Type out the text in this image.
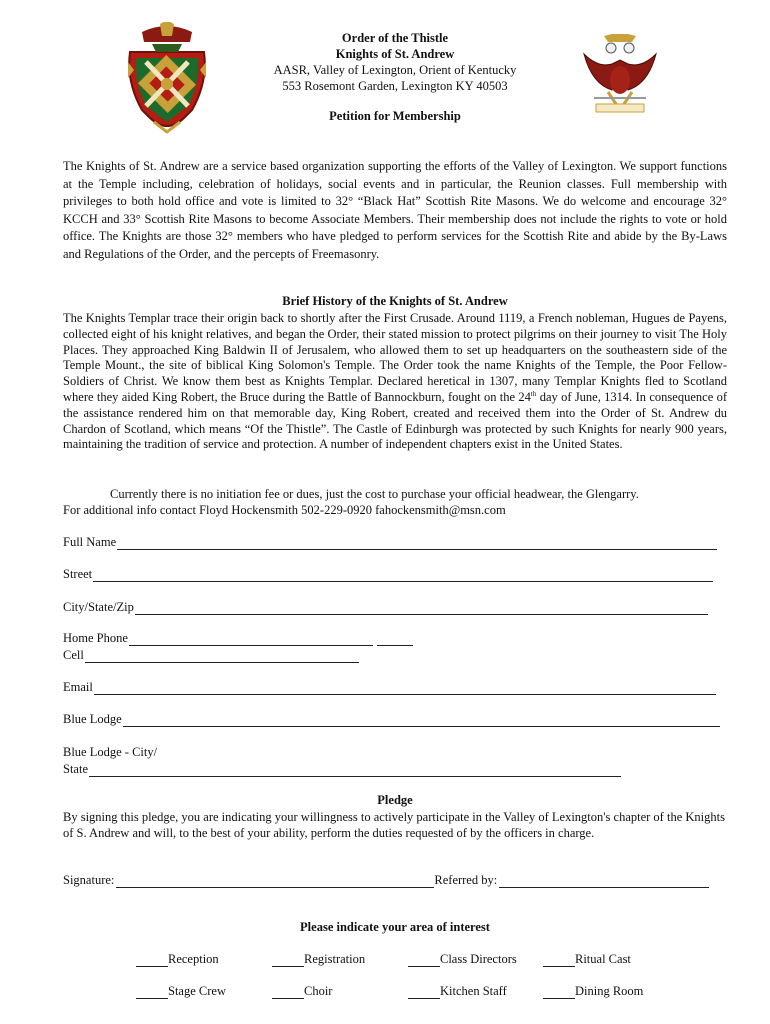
Order of the Thistle
Knights of St. Andrew
AASR, Valley of Lexington, Orient of Kentucky
553 Rosemont Garden, Lexington KY 40503
Petition for Membership
The Knights of St. Andrew are a service based organization supporting the efforts of the Valley of Lexington. We support functions at the Temple including, celebration of holidays, social events and in particular, the Reunion classes. Full membership with privileges to both hold office and vote is limited to 32° “Black Hat” Scottish Rite Masons. We do welcome and encourage 32° KCCH and 33° Scottish Rite Masons to become Associate Members. Their membership does not include the rights to vote or hold office. The Knights are those 32° members who have pledged to perform services for the Scottish Rite and abide by the By-Laws and Regulations of the Order, and the percepts of Freemasonry.
Brief History of the Knights of St. Andrew
The Knights Templar trace their origin back to shortly after the First Crusade. Around 1119, a French nobleman, Hugues de Payens, collected eight of his knight relatives, and began the Order, their stated mission to protect pilgrims on their journey to visit The Holy Places. They approached King Baldwin II of Jerusalem, who allowed them to set up headquarters on the southeastern side of the Temple Mount., the site of biblical King Solomon's Temple. The Order took the name Knights of the Temple, the Poor Fellow-Soldiers of Christ. We know them best as Knights Templar. Declared heretical in 1307, many Templar Knights fled to Scotland where they aided King Robert, the Bruce during the Battle of Bannockburn, fought on the 24th day of June, 1314. In consequence of the assistance rendered him on that memorable day, King Robert, created and received them into the Order of St. Andrew du Chardon of Scotland, which means “Of the Thistle”. The Castle of Edinburgh was protected by such Knights for nearly 900 years, maintaining the tradition of service and protection. A number of independent chapters exist in the United States.
Currently there is no initiation fee or dues, just the cost to purchase your official headwear, the Glengarry.
For additional info contact Floyd Hockensmith 502-229-0920 fahockensmith@msn.com
Full Name
Street
City/State/Zip
Home Phone
Cell
Email
Blue Lodge
Blue Lodge - City/
State
Pledge
By signing this pledge, you are indicating your willingness to actively participate in the Valley of Lexington's chapter of the Knights of S. Andrew and will, to the best of your ability, perform the duties requested of by the officers in charge.
Signature:	Referred by:
Please indicate your area of interest
Reception	Registration	Class Directors	Ritual Cast
Stage Crew	Choir	Kitchen Staff	Dining Room
